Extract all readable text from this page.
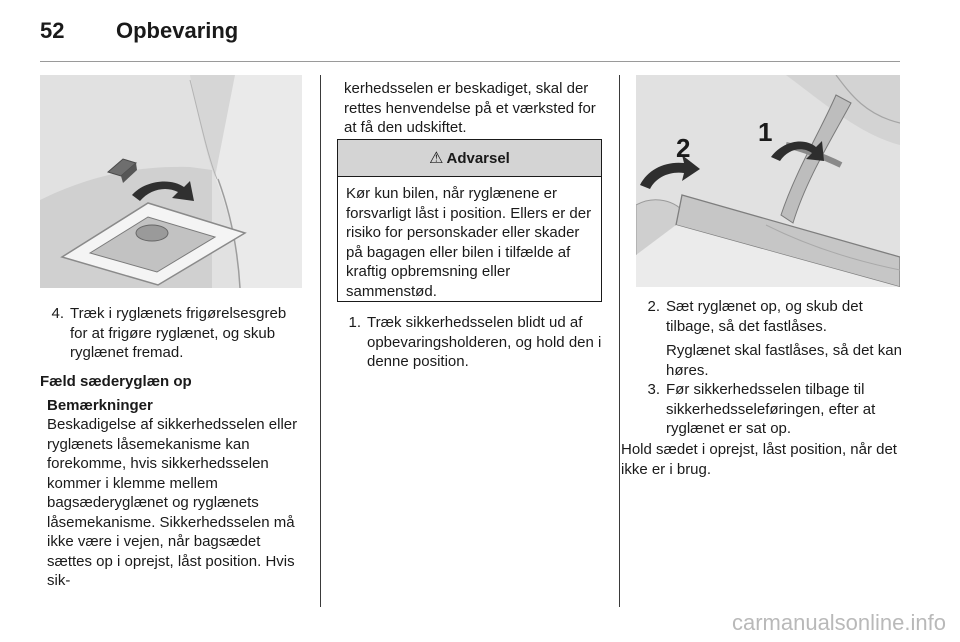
52 Opbevaring
4. Træk i ryglænets frigørelsesgreb for at frigøre ryglænet, og skub ryglænet fremad.
Fæld sæderyglæn op
Bemærkninger
Beskadigelse af sikkerhedsselen eller ryglænets låsemekanisme kan forekomme, hvis sikkerhedsselen kommer i klemme mellem bagsæderyglænet og ryglænets låsemekanisme. Sikkerhedsselen må ikke være i vejen, når bagsædet sættes op i oprejst, låst position. Hvis sik-
kerhedsselen er beskadiget, skal der rettes henvendelse på et værksted for at få den udskiftet.
⚠ Advarsel
Kør kun bilen, når ryglænene er forsvarligt låst i position. Ellers er der risiko for personskader eller skader på bagagen eller bilen i tilfælde af kraftig opbremsning eller sammenstød.
1. Træk sikkerhedsselen blidt ud af opbevaringsholderen, og hold den i denne position.
1
2
2. Sæt ryglænet op, og skub det tilbage, så det fastlåses.
Ryglænet skal fastlåses, så det kan høres.
3. Før sikkerhedsselen tilbage til sikkerhedsseleføringen, efter at ryglænet er sat op.
Hold sædet i oprejst, låst position, når det ikke er i brug.
carmanualsonline.info
